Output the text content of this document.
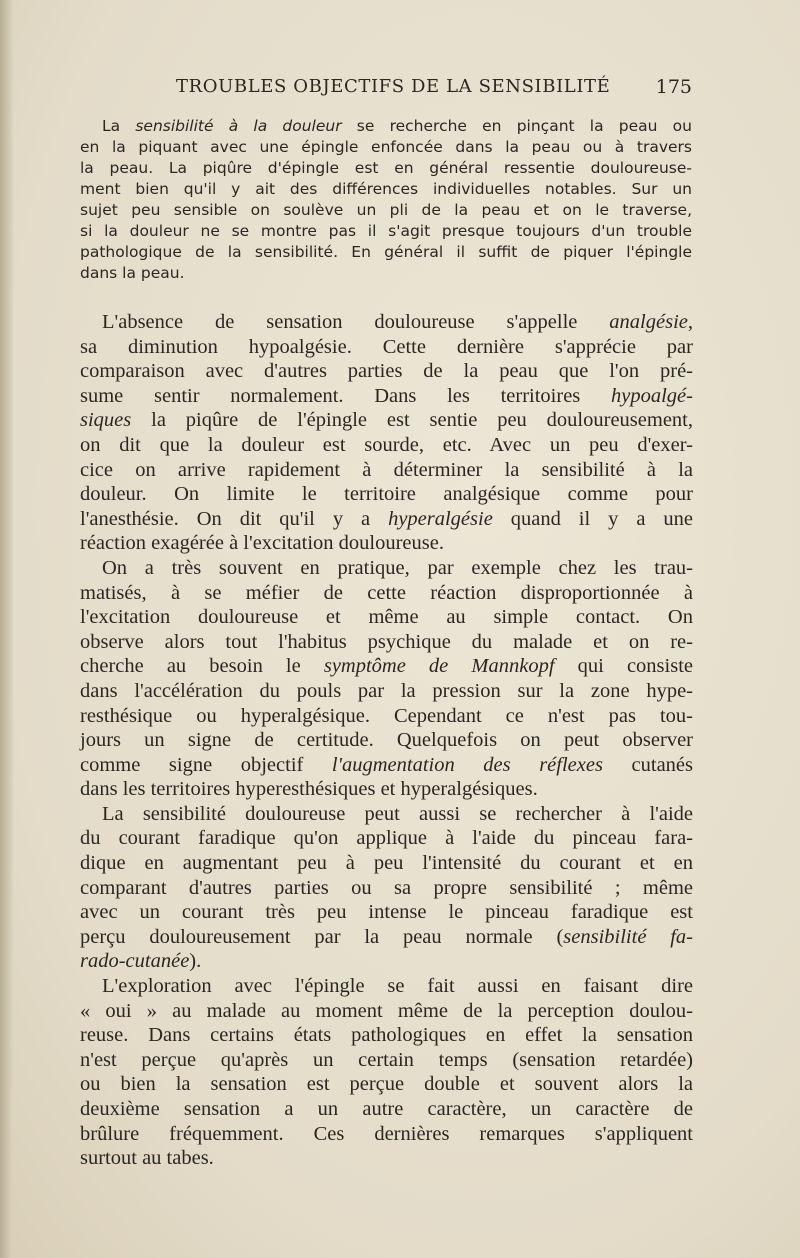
TROUBLES OBJECTIFS DE LA SENSIBILITÉ 175
La sensibilité à la douleur se recherche en pinçant la peau ou
en la piquant avec une épingle enfoncée dans la peau ou à travers
la peau. La piqûre d'épingle est en général ressentie douloureuse-
ment bien qu'il y ait des différences individuelles notables. Sur un
sujet peu sensible on soulève un pli de la peau et on le traverse,
si la douleur ne se montre pas il s'agit presque toujours d'un trouble
pathologique de la sensibilité. En général il suffit de piquer l'épingle
dans la peau.
L'absence de sensation douloureuse s'appelle analgésie,
sa diminution hypoalgésie. Cette dernière s'apprécie par
comparaison avec d'autres parties de la peau que l'on pré-
sume sentir normalement. Dans les territoires hypoalgé-
siques la piqûre de l'épingle est sentie peu douloureusement,
on dit que la douleur est sourde, etc. Avec un peu d'exer-
cice on arrive rapidement à déterminer la sensibilité à la
douleur. On limite le territoire analgésique comme pour
l'anesthésie. On dit qu'il y a hyperalgésie quand il y a une
réaction exagérée à l'excitation douloureuse.
On a très souvent en pratique, par exemple chez les trau-
matisés, à se méfier de cette réaction disproportionnée à
l'excitation douloureuse et même au simple contact. On
observe alors tout l'habitus psychique du malade et on re-
cherche au besoin le symptôme de Mannkopf qui consiste
dans l'accélération du pouls par la pression sur la zone hype-
resthésique ou hyperalgésique. Cependant ce n'est pas tou-
jours un signe de certitude. Quelquefois on peut observer
comme signe objectif l'augmentation des réflexes cutanés
dans les territoires hyperesthésiques et hyperalgésiques.
La sensibilité douloureuse peut aussi se rechercher à l'aide
du courant faradique qu'on applique à l'aide du pinceau fara-
dique en augmentant peu à peu l'intensité du courant et en
comparant d'autres parties ou sa propre sensibilité ; même
avec un courant très peu intense le pinceau faradique est
perçu douloureusement par la peau normale (sensibilité fa-
rado-cutanée).
L'exploration avec l'épingle se fait aussi en faisant dire
« oui » au malade au moment même de la perception doulou-
reuse. Dans certains états pathologiques en effet la sensation
n'est perçue qu'après un certain temps (sensation retardée)
ou bien la sensation est perçue double et souvent alors la
deuxième sensation a un autre caractère, un caractère de
brûlure fréquemment. Ces dernières remarques s'appliquent
surtout au tabes.
